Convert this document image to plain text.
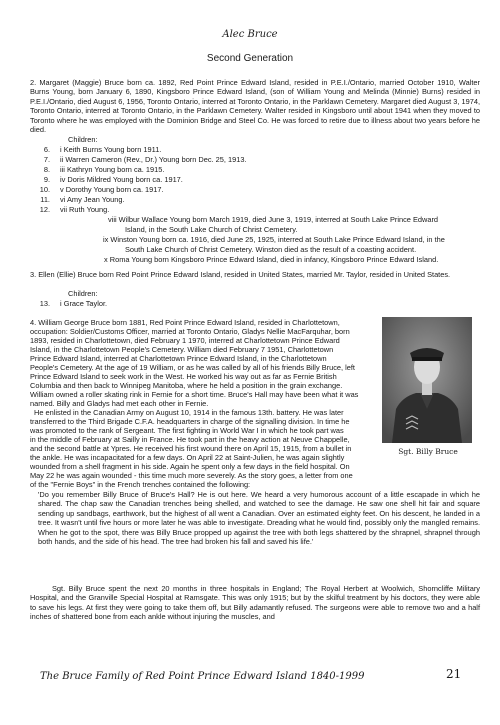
Alec Bruce
Second Generation

2. Margaret (Maggie) Bruce born ca. 1892, Red Point Prince Edward Island, resided in P.E.I./Ontario, married October 1910, Walter Burns Young, born January 6, 1890, Kingsboro Prince Edward Island, (son of William Young and Melinda (Minnie) Burns) resided in P.E.I./Ontario, died August 6, 1956, Toronto Ontario, interred at Toronto Ontario, in the Parklawn Cemetery. Margaret died August 3, 1974, Toronto Ontario, interred at Toronto Ontario, in the Parklawn Cemetery. Walter resided in Kingsboro until about 1941 when they moved to Toronto where he was employed with the Dominion Bridge and Steel Co. He was forced to retire due to illness about two years before he died.

Children:
6. i Keith Burns Young born 1911.
7. ii Warren Cameron (Rev., Dr.) Young born Dec. 25, 1913.
8. iii Kathryn Young born ca. 1915.
9. iv Doris Mildred Young born ca. 1917.
10. v Dorothy Young born ca. 1917.
11. vi Amy Jean Young.
12. vii Ruth Young.
viii Wilbur Wallace Young born March 1919, died June 3, 1919, interred at South Lake Prince Edward
Island, in the South Lake Church of Christ Cemetery.
ix Winston Young born ca. 1916, died June 25, 1925, interred at South Lake Prince Edward Island, in the
South Lake Church of Christ Cemetery. Winston died as the result of a coasting accident.
x Roma Young born Kingsboro Prince Edward Island, died in infancy, Kingsboro Prince Edward Island.

3. Ellen (Ellie) Bruce born Red Point Prince Edward Island, resided in United States, married Mr. Taylor, resided in United States.

Children:
13. i Grace Taylor.
4. William George Bruce born 1881, Red Point Prince Edward Island, resided in Charlottetown,
occupation: Soldier/Customs Officer, married at Toronto Ontario, Gladys Nellie MacFarquhar, born
1893, resided in Charlottetown, died February 1 1970, interred at Charlottetown Prince Edward
Island, in the Charlottetown People's Cemetery. William died February 7 1951, Charlottetown
Prince Edward Island, interred at Charlottetown Prince Edward Island, in the Charlottetown
People's Cemetery. At the age of 19 William, or as he was called by all of his friends Billy Bruce, left
Prince Edward Island to seek work in the West. He worked his way out as far as Fernie British
Columbia and then back to Winnipeg Manitoba, where he held a position in the grain exchange.
William owned a roller skating rink in Fernie for a short time. Bruce's Hall may have been what it was
named. Billy and Gladys had met each other in Fernie.
He enlisted in the Canadian Army on August 10, 1914 in the famous 13th. battery. He was later
transferred to the Third Brigade C.F.A. headquarters in charge of the signalling division. In time he
was promoted to the rank of Sergeant. The first fighting in World War I in which he took part was
in the middle of February at Sailly in France. He took part in the heavy action at Neuve Chappelle,
and the second battle at Ypres. He received his first wound there on April 15, 1915, from a bullet in
the ankle. He was incapacitated for a few days. On April 22 at Saint-Julien, he was again slightly
wounded from a shell fragment in his side. Again he spent only a few days in the field hospital. On
May 22 he was again wounded - this time much more severely. As the story goes, a letter from one
of the "Fernie Boys" in the French trenches contained the following:
Sgt. Billy Bruce

'Do you remember Billy Bruce of Bruce's Hall? He is out here. We heard a very humorous account of a little escapade in which he shared. The chap saw the Canadian trenches being shelled, and watched to see the damage. He saw one shell hit fair and square sending up sandbags, earthwork, but the highest of all went a Canadian. Over an estimated eighty feet. On his descent, he landed in a tree. It wasn't until five hours or more later he was able to investigate. Dreading what he would find, possibly only the mangled remains. When he got to the spot, there was Billy Bruce propped up against the tree with both legs shattered by the shrapnel, shrapnel through both hands, and the side of his head. The tree had broken his fall and saved his life.'

Sgt. Billy Bruce spent the next 20 months in three hospitals in England; The Royal Herbert at Woolwich, Shorncliffe Military Hospital, and the Granville Special Hospital at Ramsgate. This was only 1915; but by the skilful treatment by his doctors, they were able to save his legs. At first they were going to take them off, but Billy adamantly refused. The surgeons were able to remove two and a half inches of shattered bone from each ankle without injuring the muscles, and

The Bruce Family of Red Point Prince Edward Island 1840-1999	21
